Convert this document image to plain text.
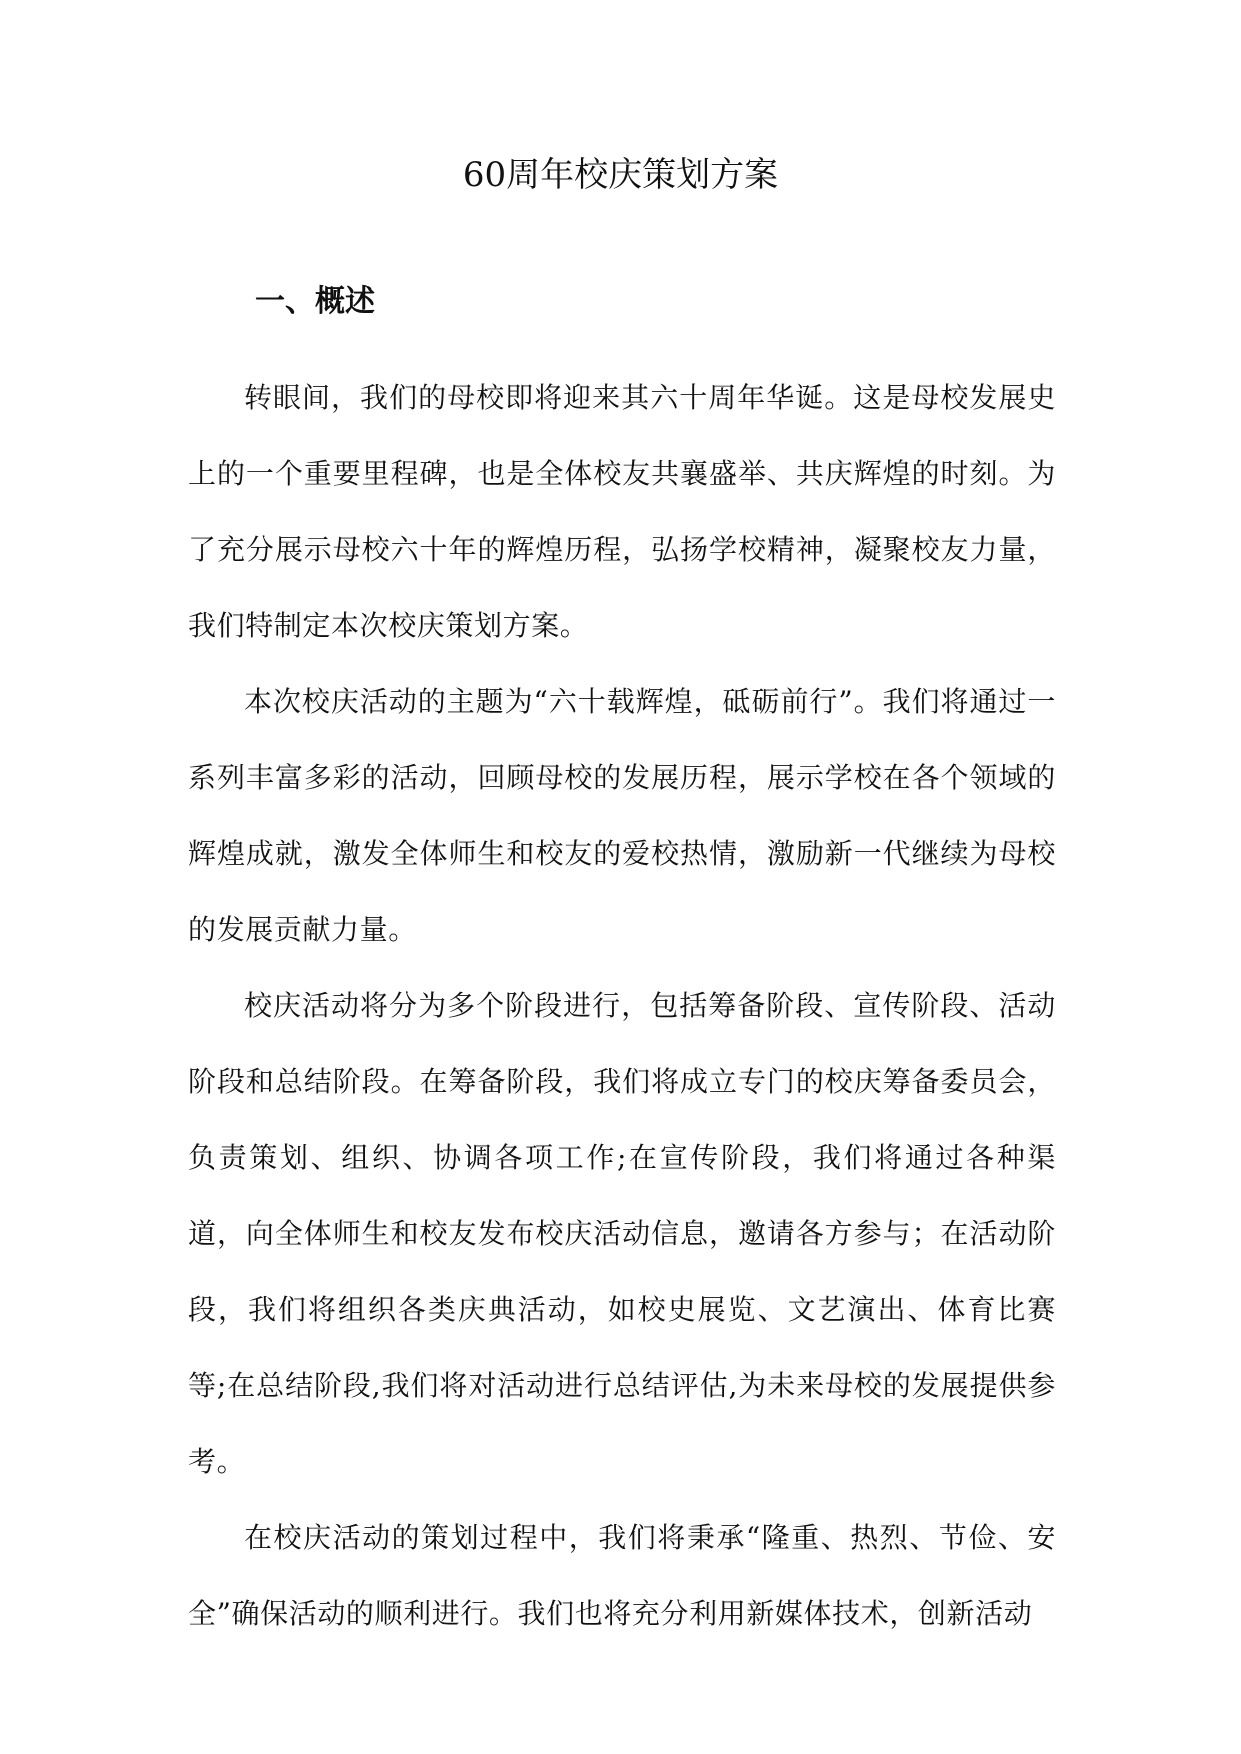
60周年校庆策划方案
一、概述

转眼间，我们的母校即将迎来其六十周年华诞。这是母校发展史上的一个重要里程碑，也是全体校友共襄盛举、共庆辉煌的时刻。为了充分展示母校六十年的辉煌历程，弘扬学校精神，凝聚校友力量，我们特制定本次校庆策划方案。

本次校庆活动的主题为“六十载辉煌，砥砺前行”。我们将通过一系列丰富多彩的活动，回顾母校的发展历程，展示学校在各个领域的辉煌成就，激发全体师生和校友的爱校热情，激励新一代继续为母校的发展贡献力量。

校庆活动将分为多个阶段进行，包括筹备阶段、宣传阶段、活动阶段和总结阶段。在筹备阶段，我们将成立专门的校庆筹备委员会，负责策划、组织、协调各项工作;在宣传阶段，我们将通过各种渠道，向全体师生和校友发布校庆活动信息，邀请各方参与；在活动阶段，我们将组织各类庆典活动，如校史展览、文艺演出、体育比赛等;在总结阶段,我们将对活动进行总结评估,为未来母校的发展提供参考。

在校庆活动的策划过程中，我们将秉承“隆重、热烈、节俭、安全”确保活动的顺利进行。我们也将充分利用新媒体技术，创新活动
